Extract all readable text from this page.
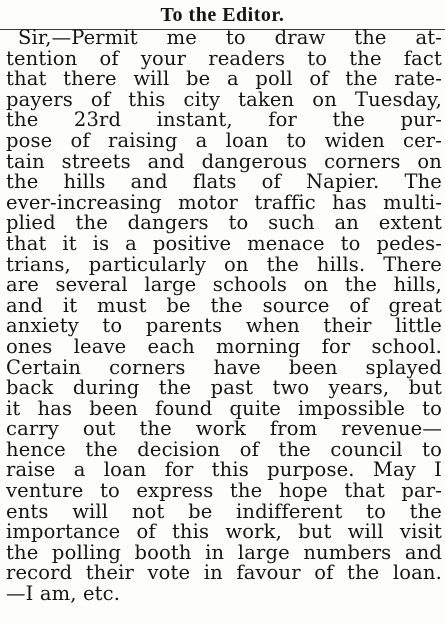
To the Editor.
Sir,—Permit me to draw the at-
tention of your readers to the fact
that there will be a poll of the rate-
payers of this city taken on Tuesday,
the 23rd instant, for the pur-
pose of raising a loan to widen cer-
tain streets and dangerous corners on
the hills and flats of Napier. The
ever-increasing motor traffic has multi-
plied the dangers to such an extent
that it is a positive menace to pedes-
trians, particularly on the hills. There
are several large schools on the hills,
and it must be the source of great
anxiety to parents when their little
ones leave each morning for school.
Certain corners have been splayed
back during the past two years, but
it has been found quite impossible to
carry out the work from revenue—
hence the decision of the council to
raise a loan for this purpose. May I
venture to express the hope that par-
ents will not be indifferent to the
importance of this work, but will visit
the polling booth in large numbers and
record their vote in favour of the loan.
—I am, etc.
